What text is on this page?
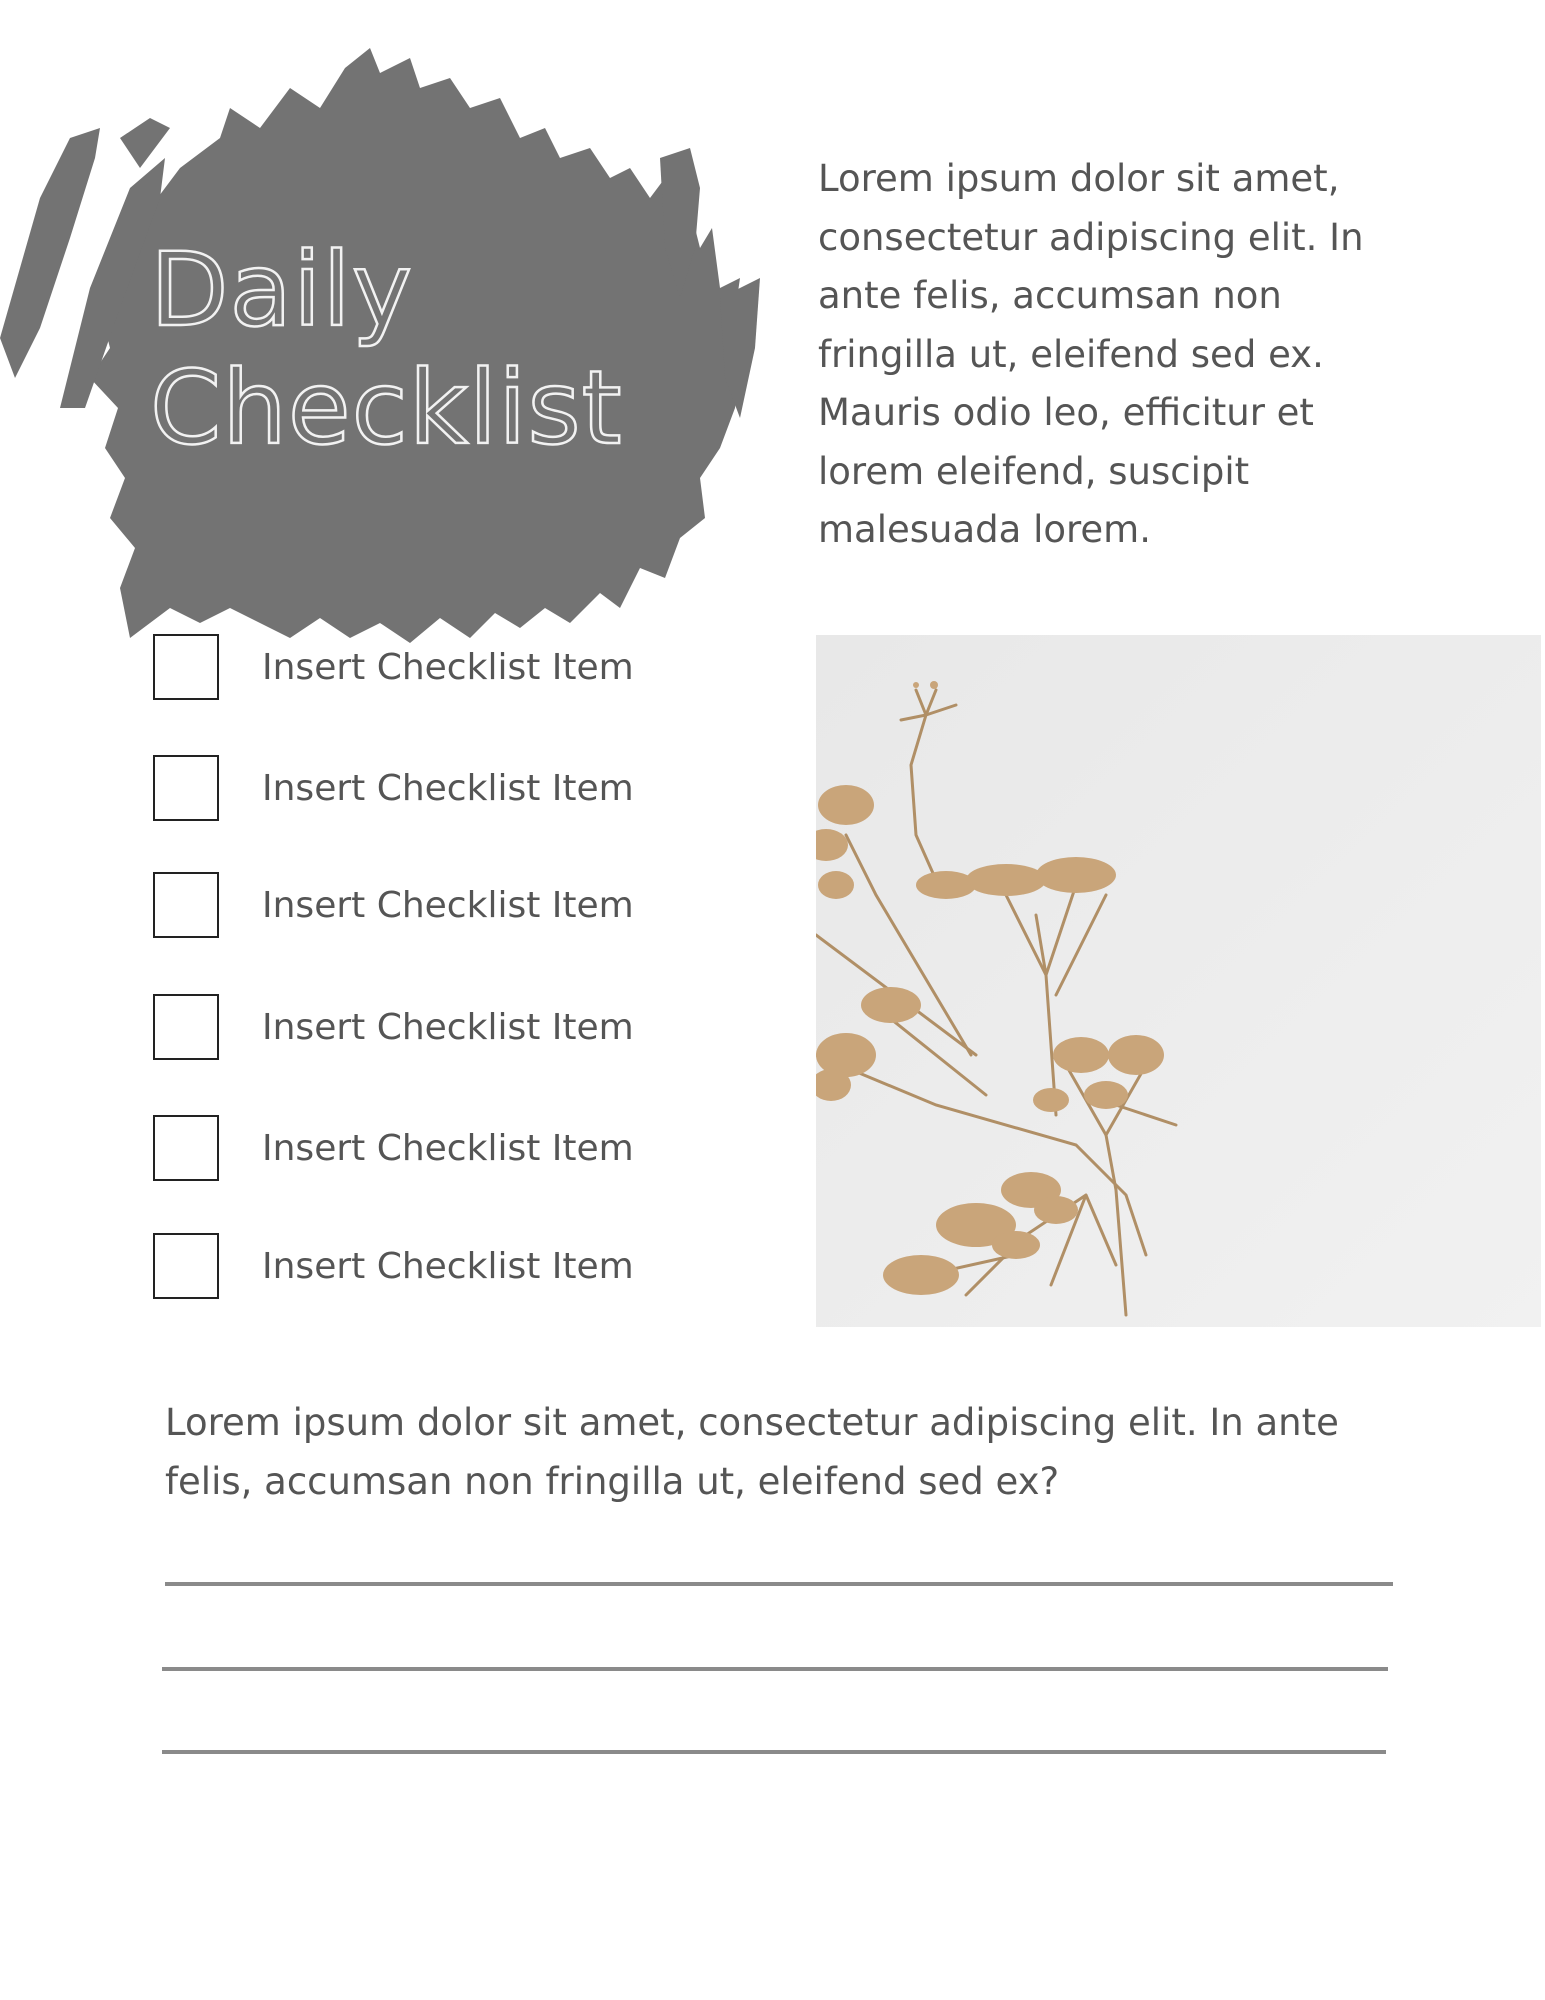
Daily
Checklist

Lorem ipsum dolor sit amet, consectetur adipiscing elit. In ante felis, accumsan non fringilla ut, eleifend sed ex. Mauris odio leo, efficitur et lorem eleifend, suscipit malesuada lorem.

Insert Checklist Item
Insert Checklist Item
Insert Checklist Item
Insert Checklist Item
Insert Checklist Item
Insert Checklist Item

Lorem ipsum dolor sit amet, consectetur adipiscing elit. In ante felis, accumsan non fringilla ut, eleifend sed ex?
